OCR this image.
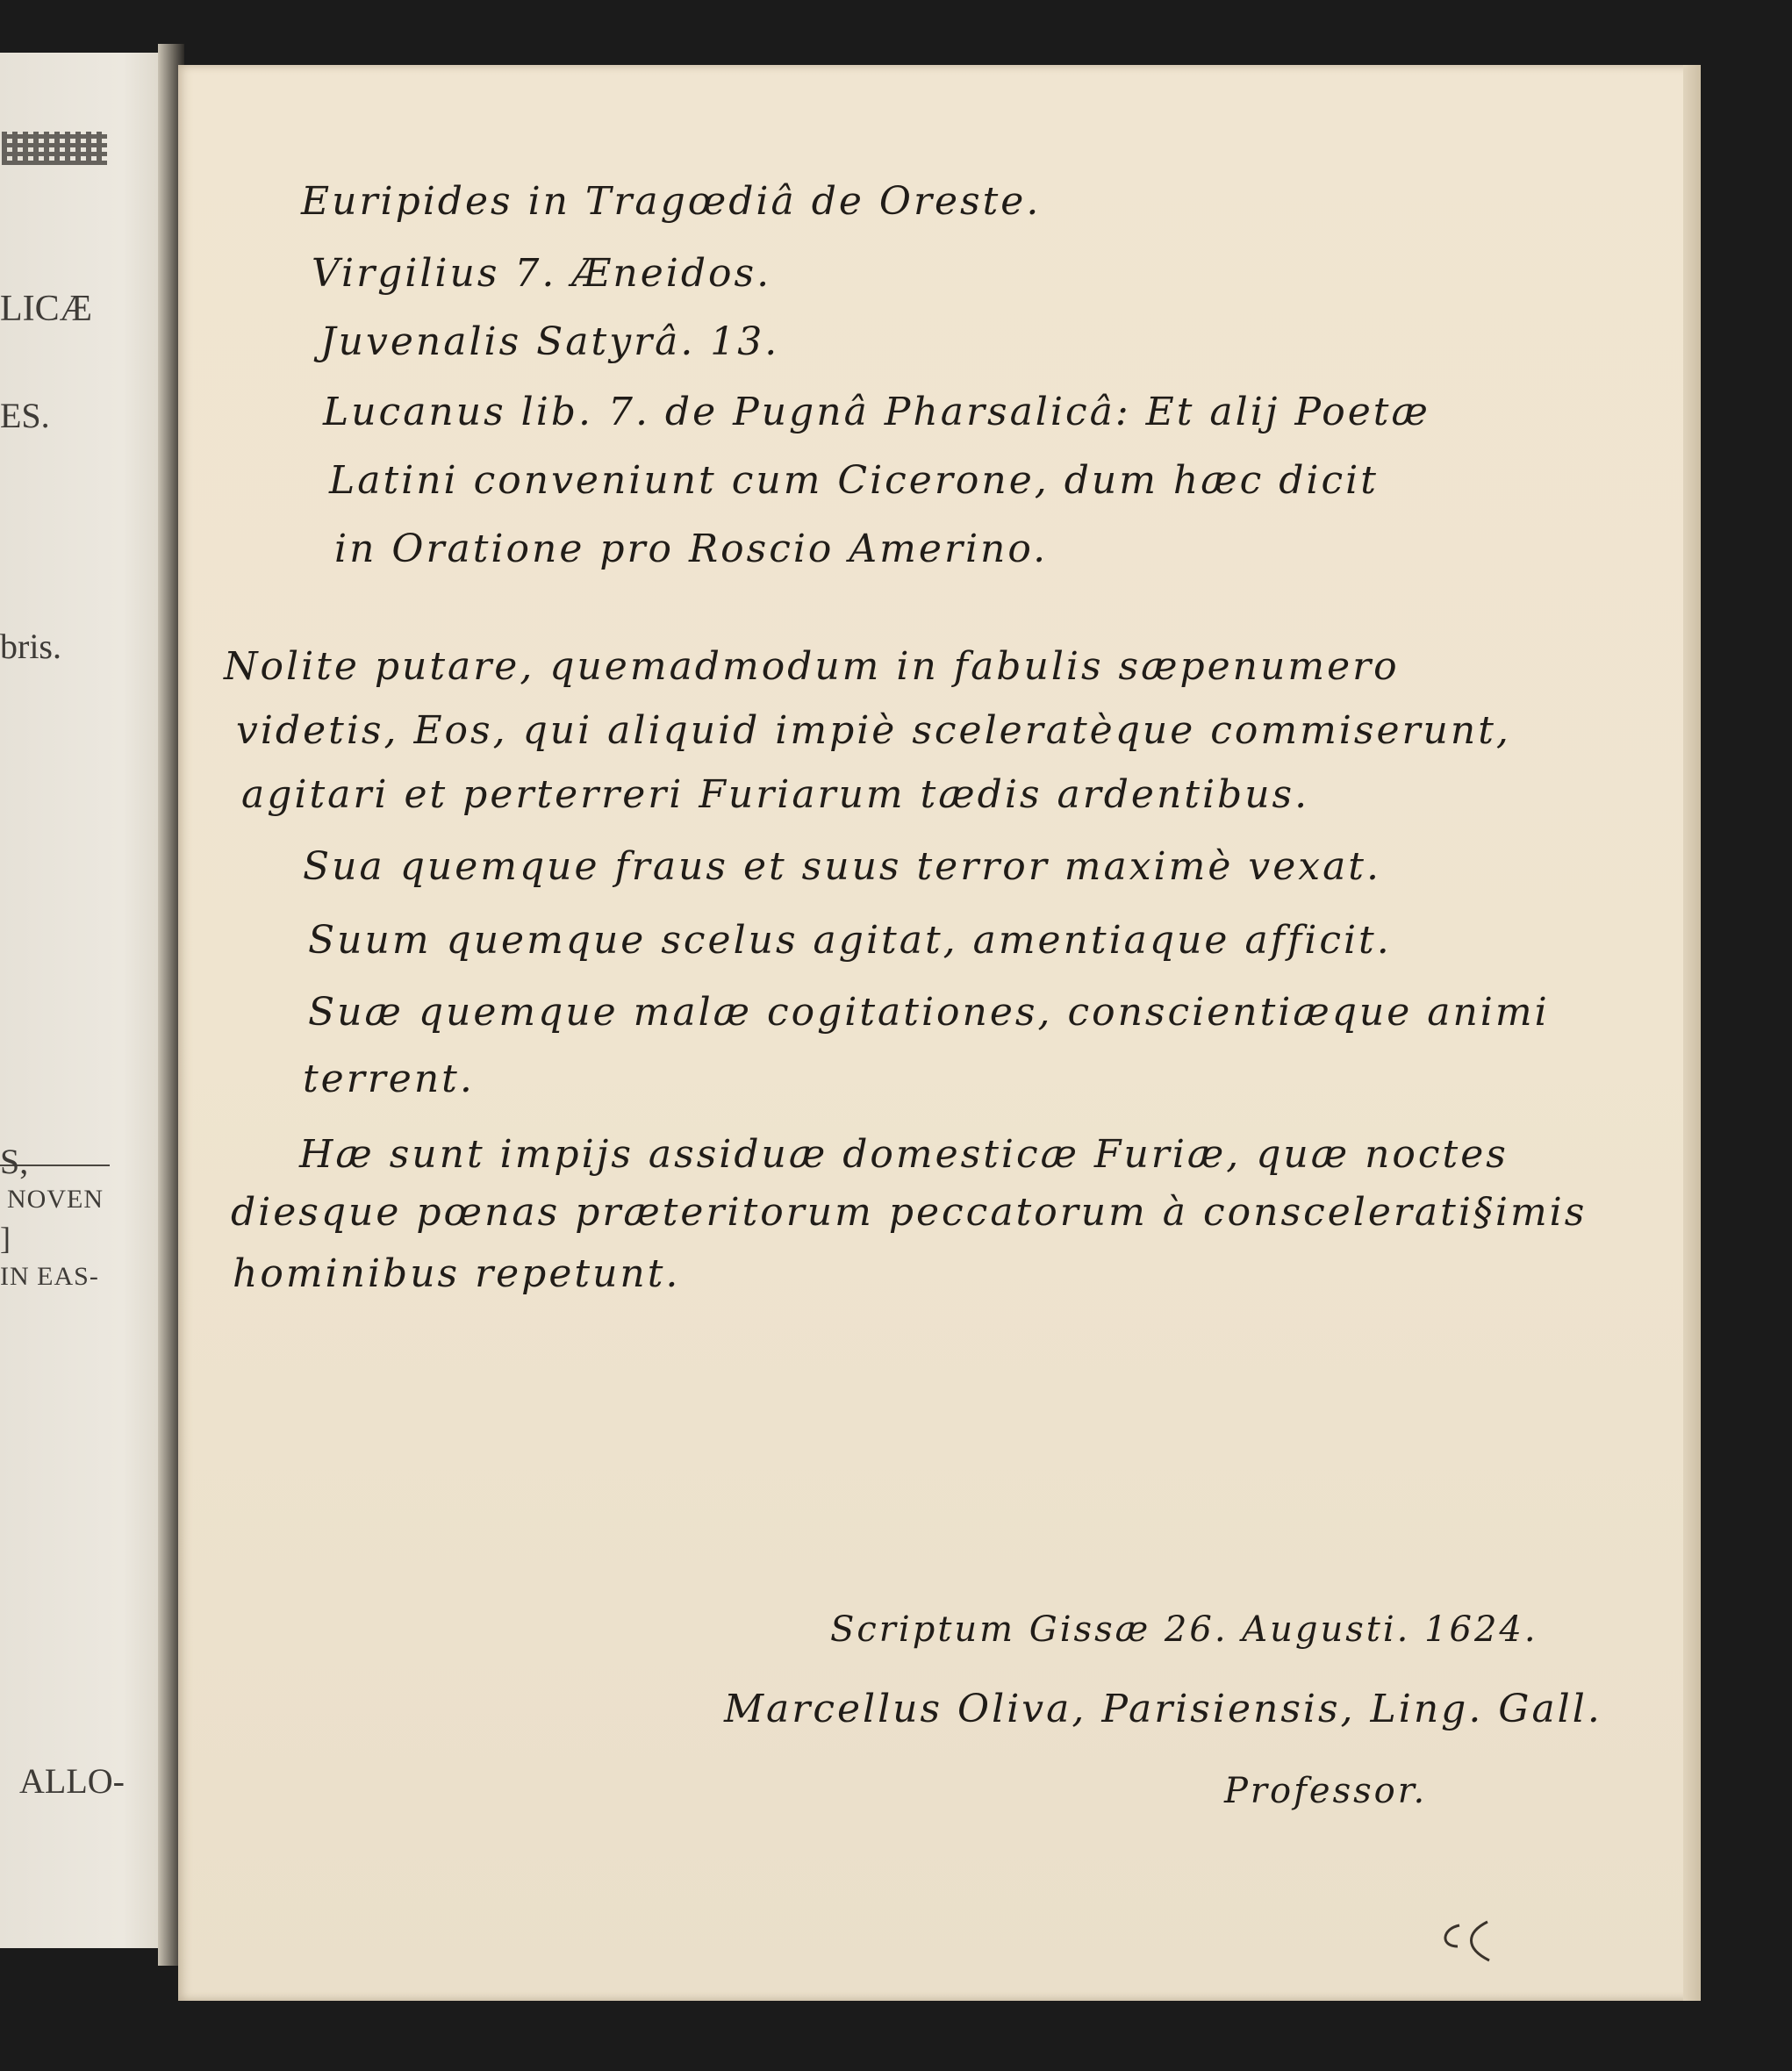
LICÆ
ES.
bris.
S,
NOVEN
]
IN EAS-
ALLO-
Euripides in Tragœdiâ de Oreste.
Virgilius 7. Æneidos.
Juvenalis Satyrâ. 13.
Lucanus lib. 7. de Pugnâ Pharsalicâ: Et alij Poetæ
Latini conveniunt cum Cicerone, dum hæc dicit
in Oratione pro Roscio Amerino.
Nolite putare, quemadmodum in fabulis sæpenumero
videtis, Eos, qui aliquid impiè sceleratèque commiserunt,
agitari et perterreri Furiarum tædis ardentibus.
Sua quemque fraus et suus terror maximè vexat.
Suum quemque scelus agitat, amentiaque afficit.
Suæ quemque malæ cogitationes, conscientiæque animi
terrent.
Hæ sunt impijs assiduæ domesticæ Furiæ, quæ noctes
diesque pœnas præteritorum peccatorum à conscelerati§imis
hominibus repetunt.
Scriptum Gissæ 26. Augusti. 1624.
Marcellus Oliva, Parisiensis, Ling. Gall.
Professor.
